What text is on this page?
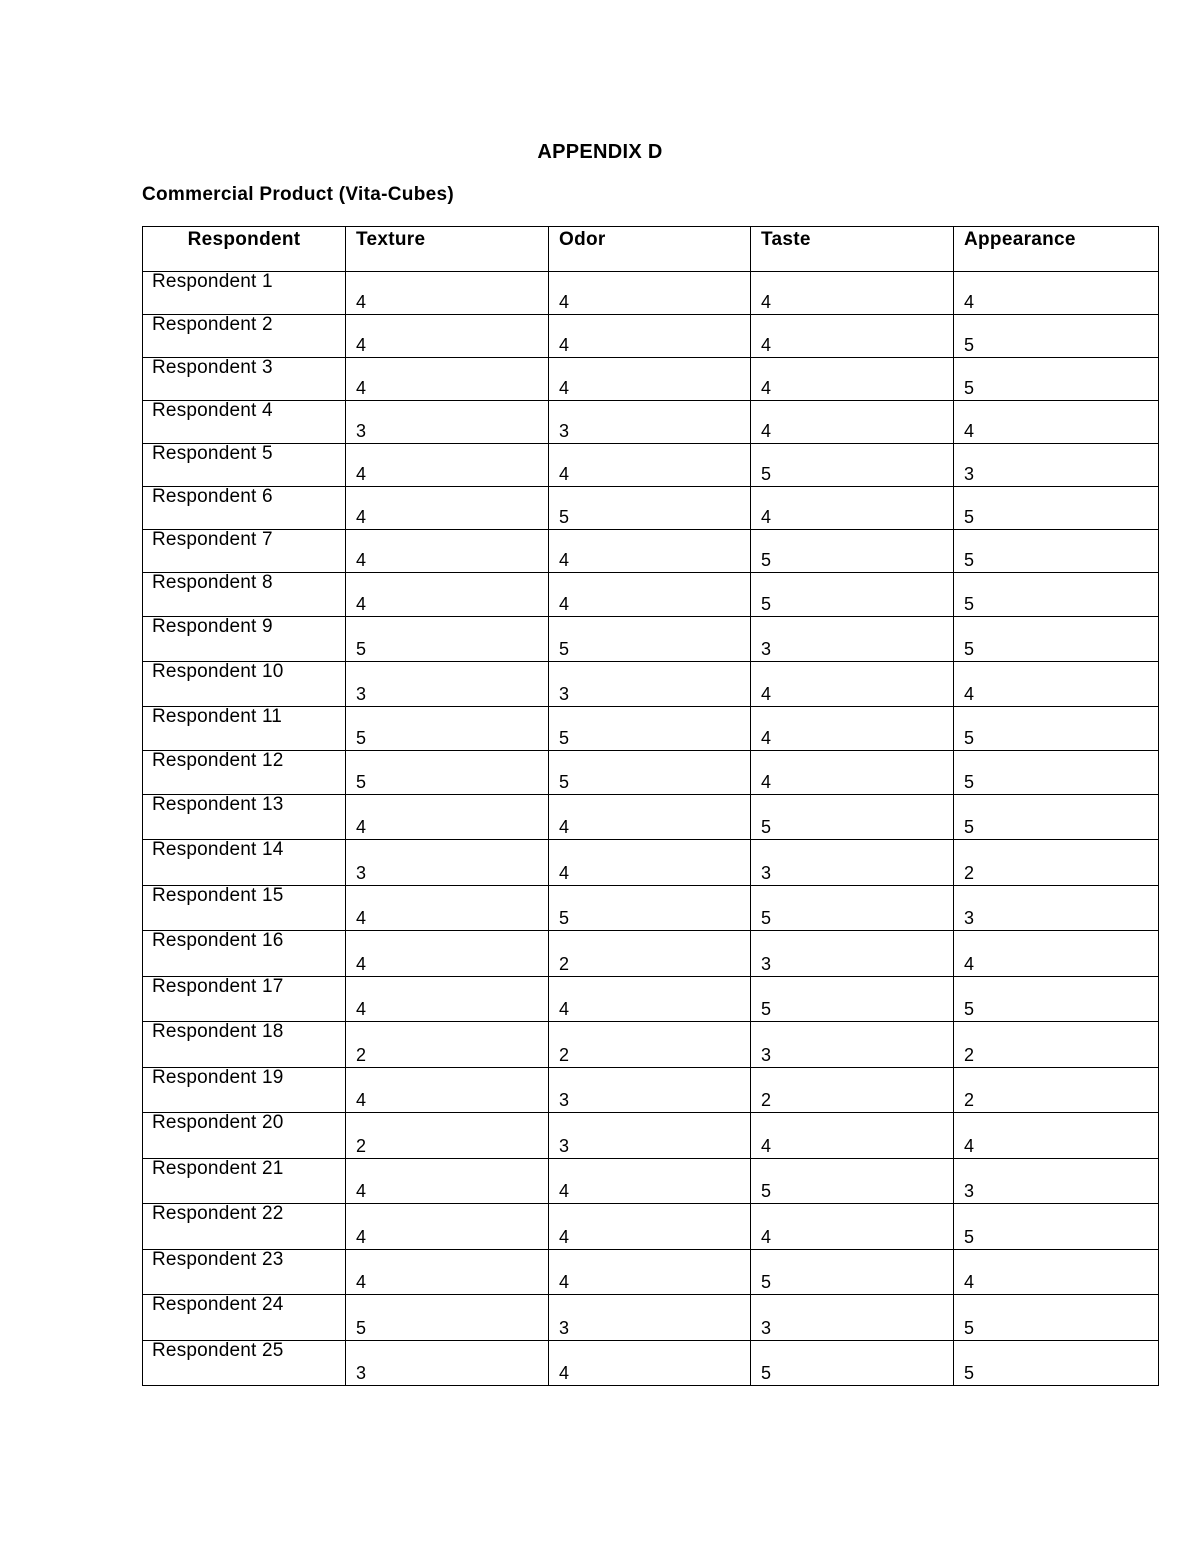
APPENDIX D
Commercial Product (Vita-Cubes)
Respondent	Texture	Odor	Taste	Appearance

Respondent 1	4	4	4	4

Respondent 2	4	4	4	5

Respondent 3	4	4	4	5

Respondent 4	3	3	4	4

Respondent 5	4	4	5	3

Respondent 6	4	5	4	5

Respondent 7	4	4	5	5

Respondent 8	4	4	5	5

Respondent 9	5	5	3	5

Respondent 10	3	3	4	4

Respondent 11	5	5	4	5

Respondent 12	5	5	4	5

Respondent 13	4	4	5	5

Respondent 14	3	4	3	2

Respondent 15	4	5	5	3

Respondent 16	4	2	3	4

Respondent 17	4	4	5	5

Respondent 18	2	2	3	2

Respondent 19	4	3	2	2

Respondent 20	2	3	4	4

Respondent 21	4	4	5	3

Respondent 22	4	4	4	5

Respondent 23	4	4	5	4

Respondent 24	5	3	3	5

Respondent 25	3	4	5	5
